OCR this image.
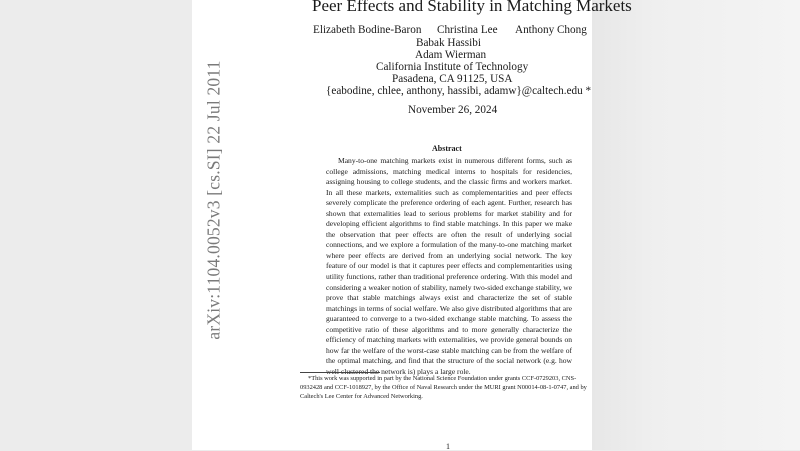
arXiv:1104.0052v3 [cs.SI] 22 Jul 2011
Peer Effects and Stability in Matching Markets
Elizabeth Bodine-Baron Christina Lee Anthony Chong
Babak Hassibi
Adam Wierman
California Institute of Technology
Pasadena, CA 91125, USA
{eabodine, chlee, anthony, hassibi, adamw}@caltech.edu *
November 26, 2024
Abstract
Many-to-one matching markets exist in numerous different forms, such as college admissions, matching medical interns to hospitals for residencies, assigning housing to college students, and the classic firms and workers market. In all these markets, externalities such as complementarities and peer effects severely complicate the preference ordering of each agent. Further, research has shown that externalities lead to serious problems for market stability and for developing efficient algorithms to find stable matchings. In this paper we make the observation that peer effects are often the result of underlying social connections, and we explore a formulation of the many-to-one matching market where peer effects are derived from an underlying social network. The key feature of our model is that it captures peer effects and complementarities using utility functions, rather than traditional preference ordering. With this model and considering a weaker notion of stability, namely two-sided exchange stability, we prove that stable matchings always exist and characterize the set of stable matchings in terms of social welfare. We also give distributed algorithms that are guaranteed to converge to a two-sided exchange stable matching. To assess the competitive ratio of these algorithms and to more generally characterize the efficiency of matching markets with externalities, we provide general bounds on how far the welfare of the worst-case stable matching can be from the welfare of the optimal matching, and find that the structure of the social network (e.g. how well clustered the network is) plays a large role.
*This work was supported in part by the National Science Foundation under grants CCF-0729203, CNS-0932428 and CCF-1018927, by the Office of Naval Research under the MURI grant N00014-08-1-0747, and by Caltech's Lee Center for Advanced Networking.
1
